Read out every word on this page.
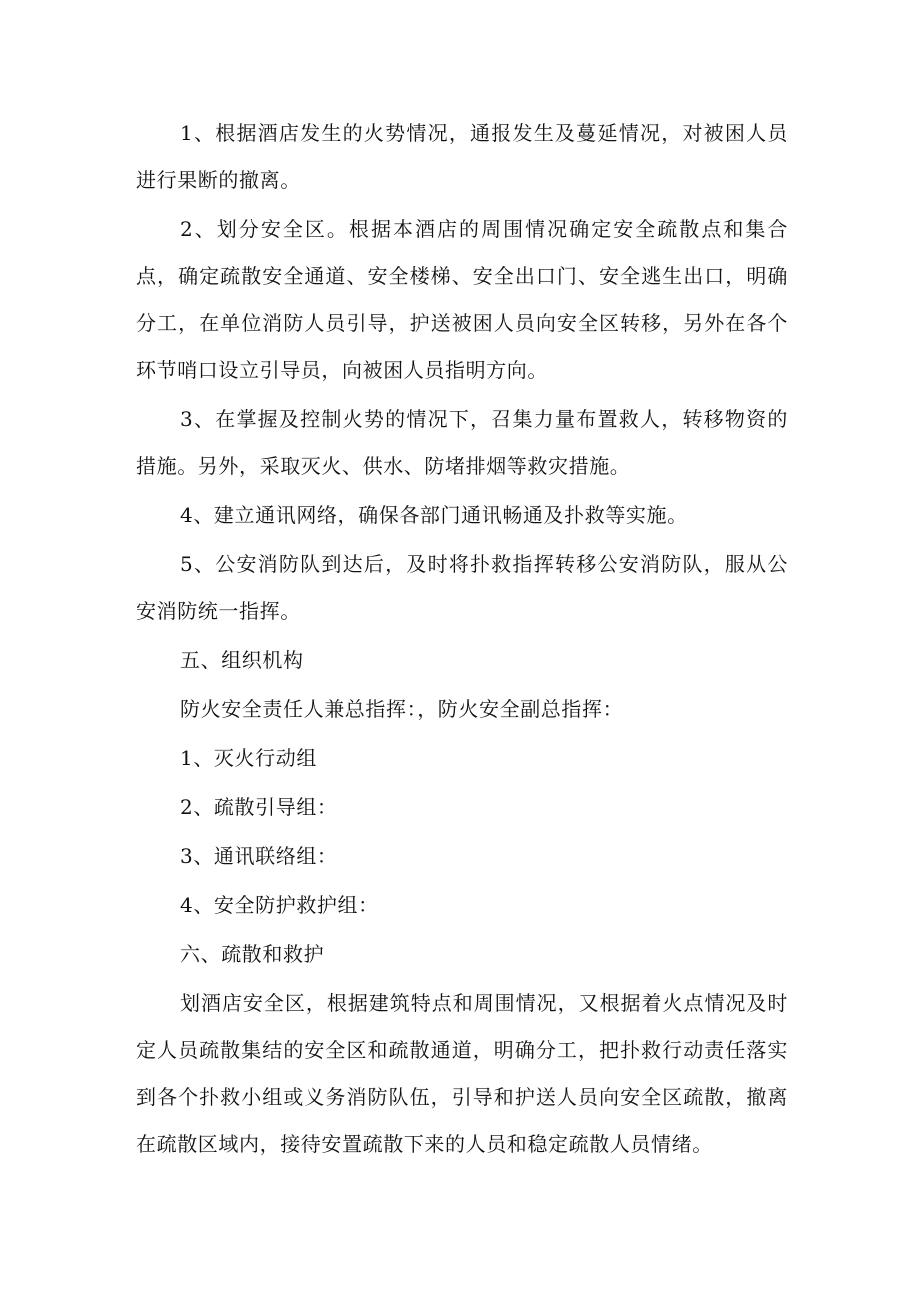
1、根据酒店发生的火势情况，通报发生及蔓延情况，对被困人员进行果断的撤离。

2、划分安全区。根据本酒店的周围情况确定安全疏散点和集合点，确定疏散安全通道、安全楼梯、安全出口门、安全逃生出口，明确分工，在单位消防人员引导，护送被困人员向安全区转移，另外在各个环节哨口设立引导员，向被困人员指明方向。

3、在掌握及控制火势的情况下，召集力量布置救人，转移物资的措施。另外，采取灭火、供水、防堵排烟等救灾措施。

4、建立通讯网络，确保各部门通讯畅通及扑救等实施。

5、公安消防队到达后，及时将扑救指挥转移公安消防队，服从公安消防统一指挥。

五、组织机构

防火安全责任人兼总指挥：，防火安全副总指挥：

1、灭火行动组

2、疏散引导组：

3、通讯联络组：

4、安全防护救护组：

六、疏散和救护

划酒店安全区，根据建筑特点和周围情况，又根据着火点情况及时定人员疏散集结的安全区和疏散通道，明确分工，把扑救行动责任落实到各个扑救小组或义务消防队伍，引导和护送人员向安全区疏散，撤离在疏散区域内，接待安置疏散下来的人员和稳定疏散人员情绪。
